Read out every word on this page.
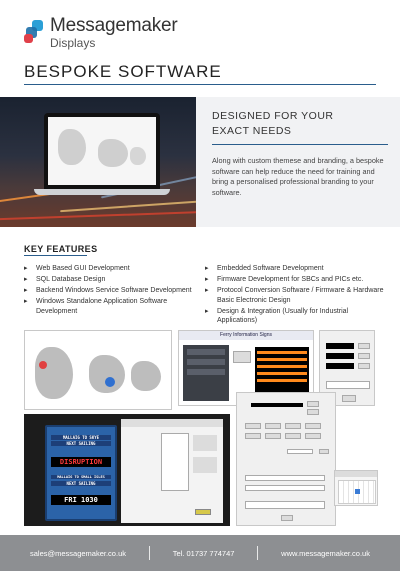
Messagemaker
Displays
BESPOKE SOFTWARE
DESIGNED FOR YOUR
EXACT NEEDS

Along with custom themese and branding, a bespoke software can help reduce the need for training and bring a personalised professional branding to your software.

KEY FEATURES
▸ Web Based GUI Development
▸ SQL Database Design
▸ Backend Windows Service Software Development
▸ Windows Standalone Application Software Development
▸ Embedded Software Development
▸ Firmware Development for SBCs and PICs etc.
▸ Protocol Conversion Software / Firmware & Hardware Basic Electronic Design
▸ Design & Integration (Usually for Industrial Applications)
Ferry Information Signs
MALLAIG TO SKYE
NEXT SAILING
DISRUPTION
MALLAIG TO SMALL ISLES
NEXT SAILING
FRI 1030
sales@messagemaker.co.uk	Tel. 01737 774747	www.messagemaker.co.uk
